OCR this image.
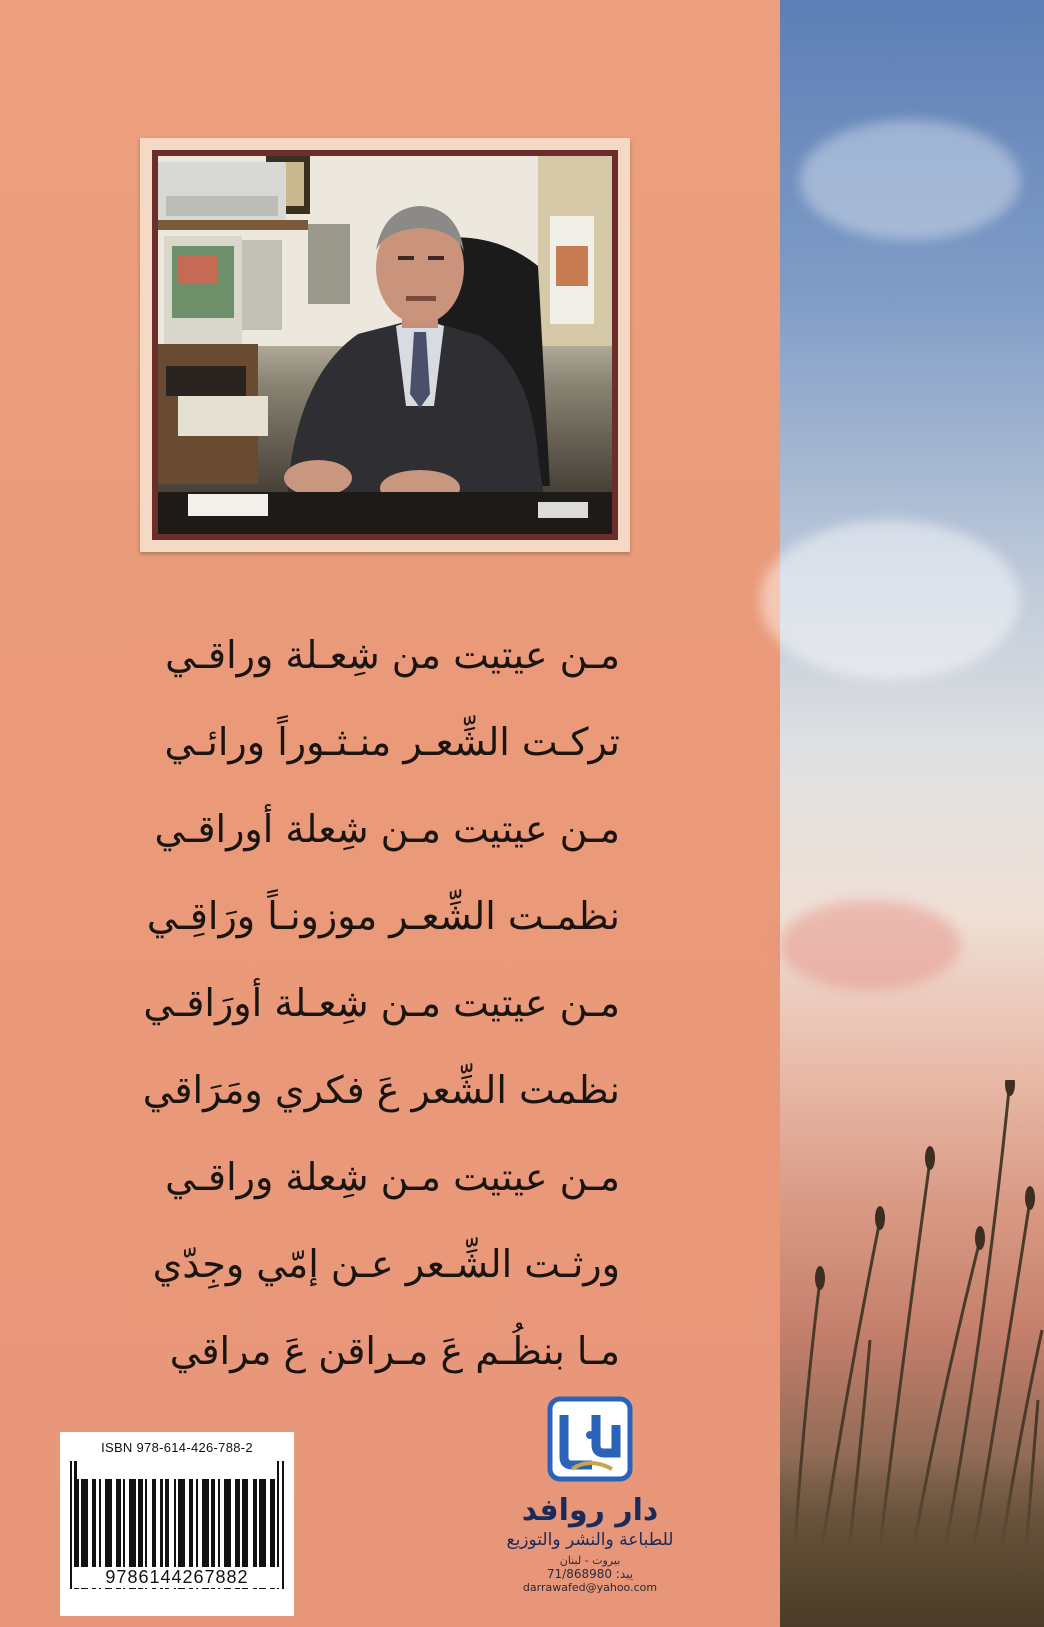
مـن عيتيت من شِعـلة وراقـي
تركـت الشِّعـر منـثـوراً ورائـي
مـن عيتيت مـن شِعلة أوراقـي
نظمـت الشِّعـر موزونـاً ورَاقِـي
مـن عيتيت مـن شِعـلة أورَاقـي
نظمت الشِّعر عَ فكري ومَرَاقي
مـن عيتيت مـن شِعلة وراقـي
ورثـت الشِّـعر عـن إمّي وجِدّي
مـا بنظُـم عَ مـراقن عَ مراقي
ISBN 978-614-426-788-2
9786144267882
دار روافد
للطباعة والنشر والتوزيع
بيروت - لبنان
71/868980 :يبد
darrawafed@yahoo.com
